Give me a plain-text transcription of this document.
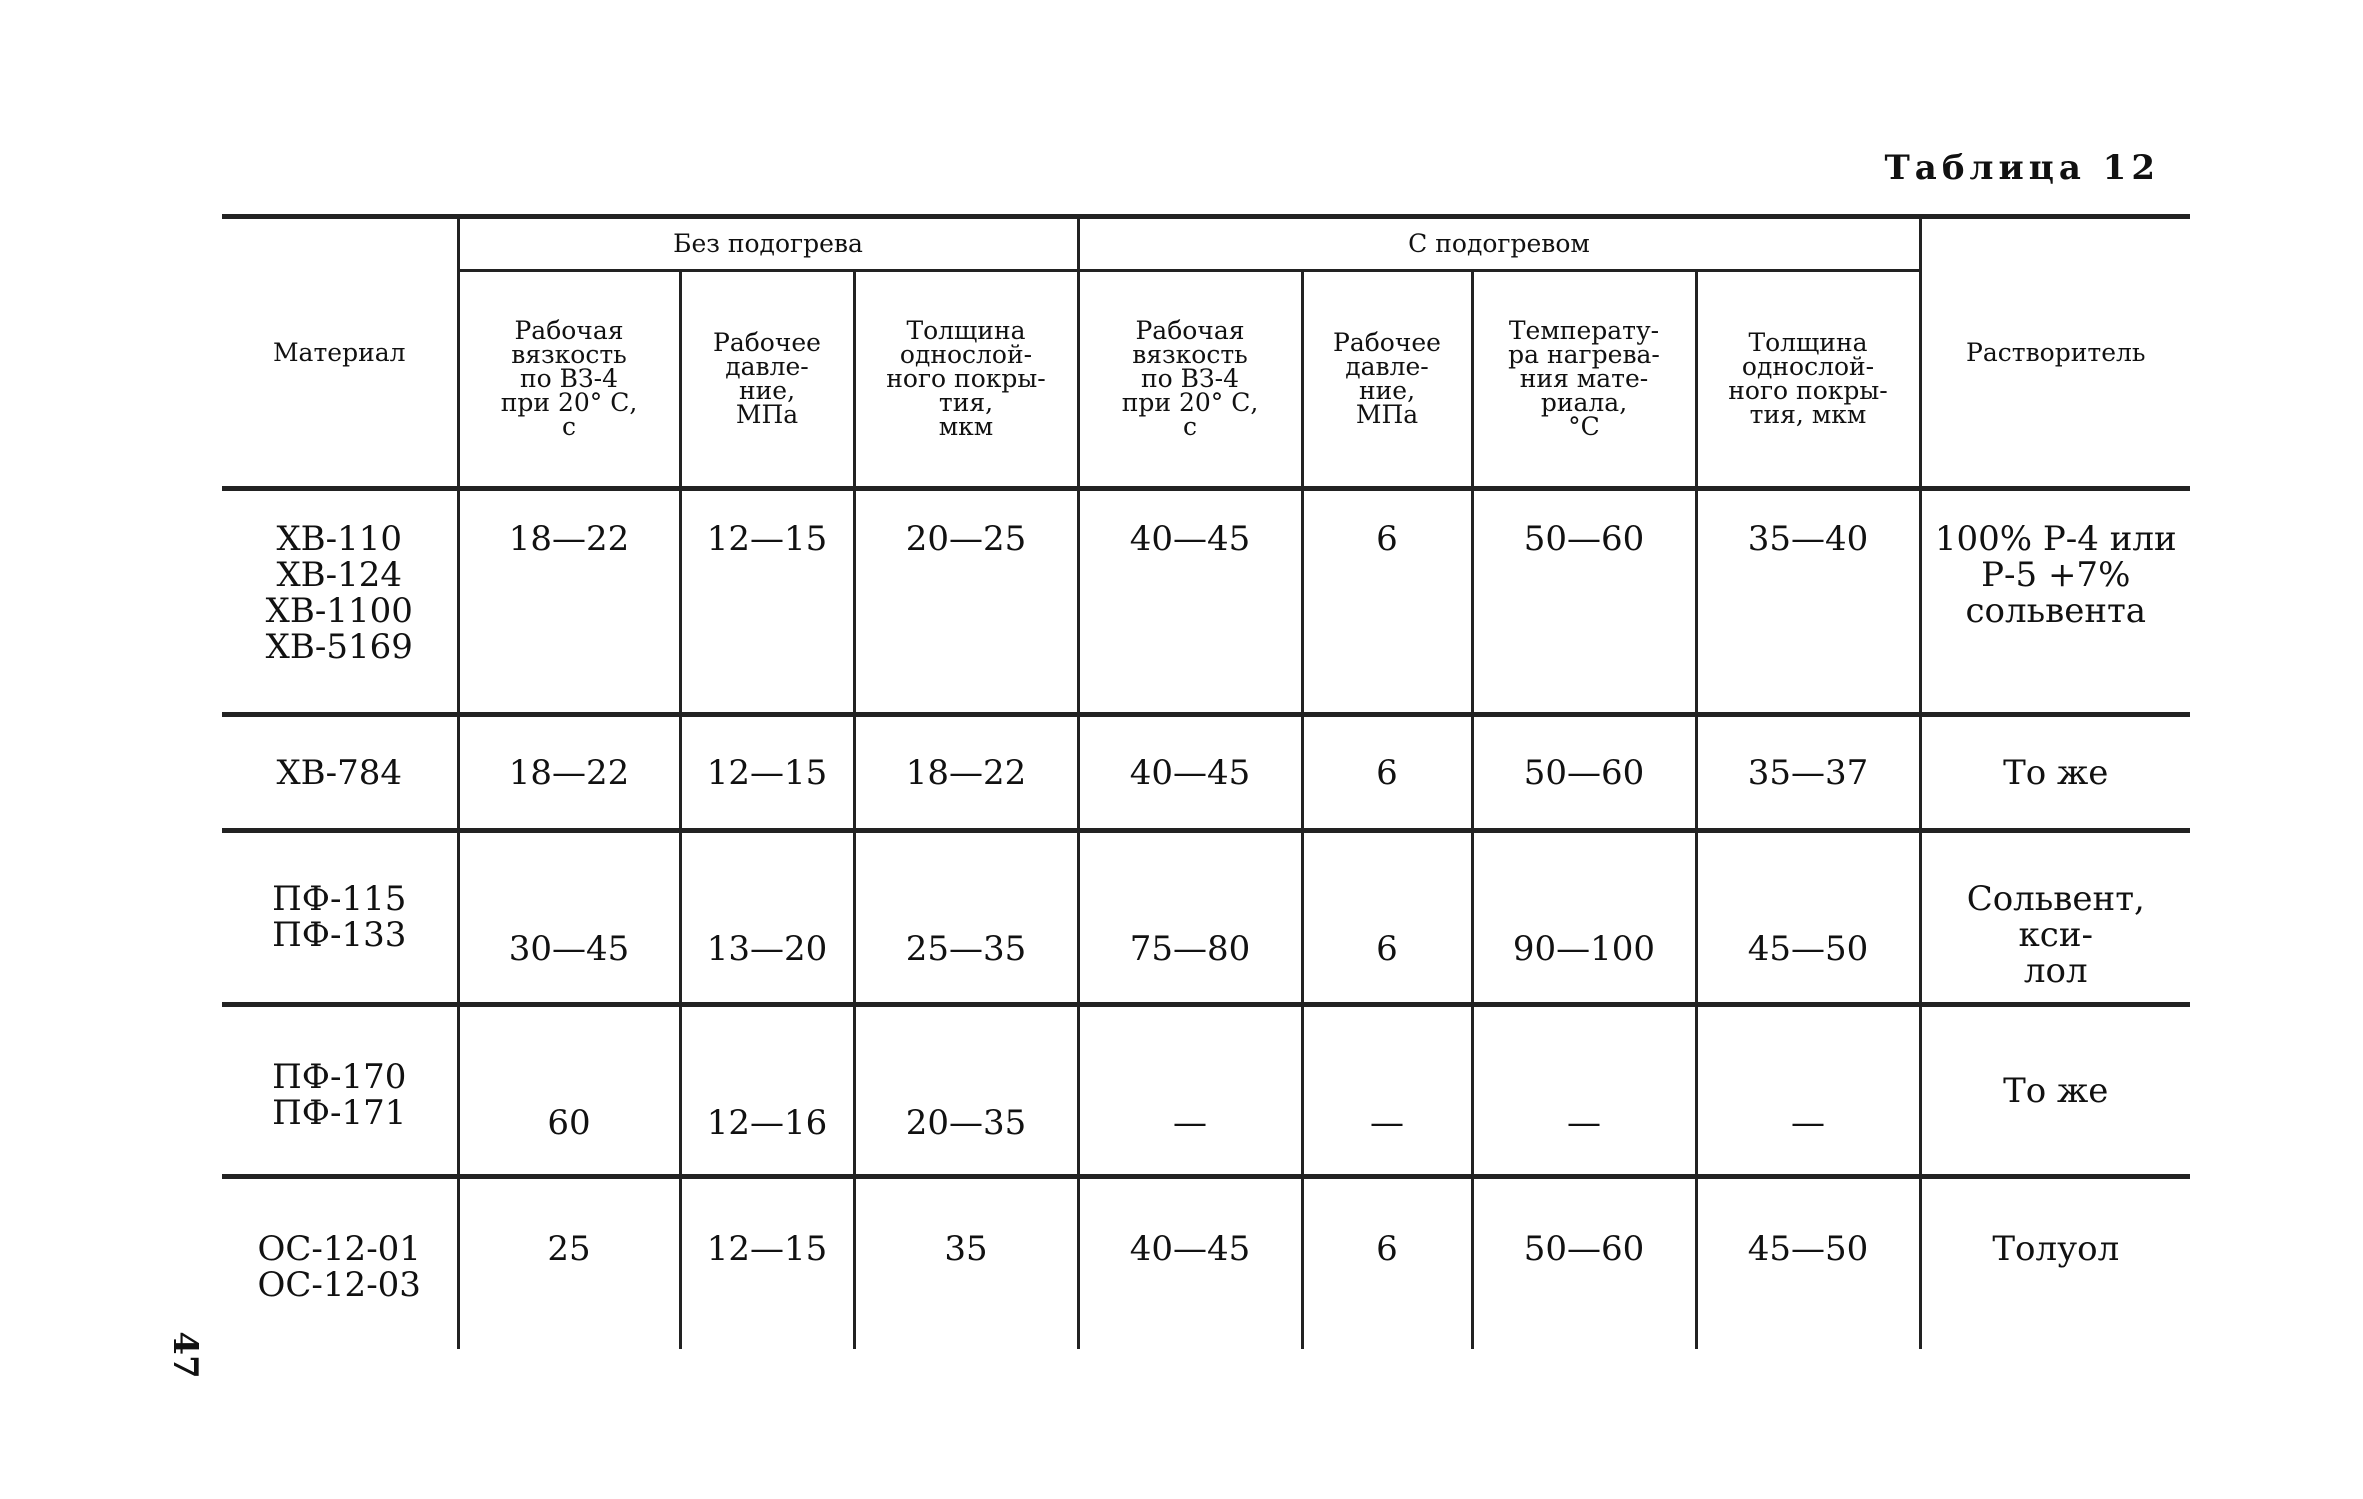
Таблица 12
Материал	Без подогрева			С подогревом				Растворитель

	Рабочая
вязкость
по ВЗ-4
при 20° С,
с	Рабочее
давле-
ние,
МПа	Толщина
однослой-
ного покры-
тия,
мкм	Рабочая
вязкость
по ВЗ-4
при 20° С,
с	Рабочее
давле-
ние,
МПа	Температу-
ра нагрева-
ния мате-
риала,
°С	Толщина
однослой-
ного покры-
тия, мкм	

ХВ-110
ХВ-124
ХВ-1100
ХВ-5169	18—22	12—15	20—25	40—45	6	50—60	35—40	100% Р-4 или
Р-5 +7%
сольвента

ХВ-784	18—22	12—15	18—22	40—45	6	50—60	35—37	То же

ПФ-115
ПФ-133	30—45	13—20	25—35	75—80	6	90—100	45—50	Сольвент, кси-
лол

ПФ-170
ПФ-171	60	12—16	20—35	—	—	—	—	То же

ОС-12-01
ОС-12-03	25	12—15	35	40—45	6	50—60	45—50	Толуол
47
